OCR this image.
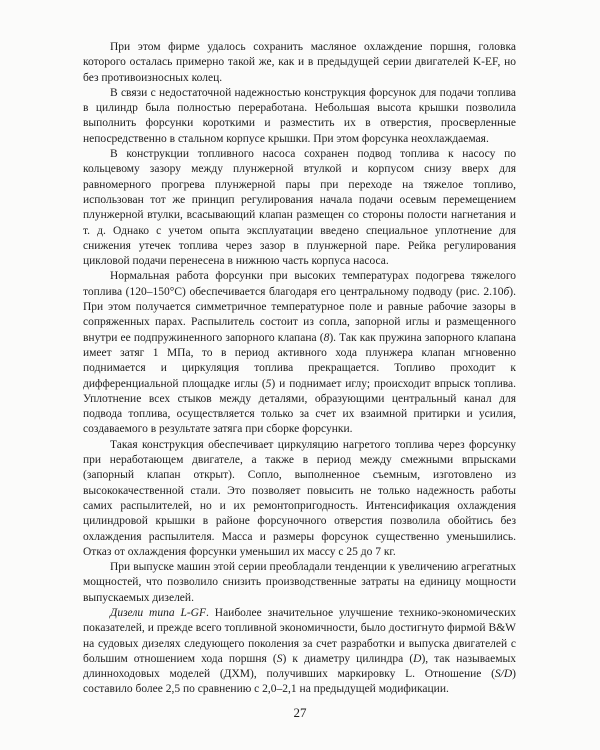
При этом фирме удалось сохранить масляное охлаждение поршня, головка которого осталась примерно такой же, как и в предыдущей серии двигателей K-EF, но без противоизносных колец.

В связи с недостаточной надежностью конструкция форсунок для подачи топлива в цилиндр была полностью переработана. Небольшая высота крышки позволила выполнить форсунки короткими и разместить их в отверстия, просверленные непосредственно в стальном корпусе крышки. При этом форсунка неохлаждаемая.

В конструкции топливного насоса сохранен подвод топлива к насосу по кольцевому зазору между плунжерной втулкой и корпусом снизу вверх для равномерного прогрева плунжерной пары при переходе на тяжелое топливо, использован тот же принцип регулирования начала подачи осевым перемещением плунжерной втулки, всасывающий клапан размещен со стороны полости нагнетания и т. д. Однако с учетом опыта эксплуатации введено специальное уплотнение для снижения утечек топлива через зазор в плунжерной паре. Рейка регулирования цикловой подачи перенесена в нижнюю часть корпуса насоса.

Нормальная работа форсунки при высоких температурах подогрева тяжелого топлива (120–150°С) обеспечивается благодаря его центральному подводу (рис. 2.10б). При этом получается симметричное температурное поле и равные рабочие зазоры в сопряженных парах. Распылитель состоит из сопла, запорной иглы и размещенного внутри ее подпружиненного запорного клапана (8). Так как пружина запорного клапана имеет затяг 1 МПа, то в период активного хода плунжера клапан мгновенно поднимается и циркуляция топлива прекращается. Топливо проходит к дифференциальной площадке иглы (5) и поднимает иглу; происходит впрыск топлива. Уплотнение всех стыков между деталями, образующими центральный канал для подвода топлива, осуществляется только за счет их взаимной притирки и усилия, создаваемого в результате затяга при сборке форсунки.

Такая конструкция обеспечивает циркуляцию нагретого топлива через форсунку при неработающем двигателе, а также в период между смежными впрысками (запорный клапан открыт). Сопло, выполненное съемным, изготовлено из высококачественной стали. Это позволяет повысить не только надежность работы самих распылителей, но и их ремонтопригодность. Интенсификация охлаждения цилиндровой крышки в районе форсуночного отверстия позволила обойтись без охлаждения распылителя. Масса и размеры форсунок существенно уменьшились. Отказ от охлаждения форсунки уменьшил их массу с 25 до 7 кг.

При выпуске машин этой серии преобладали тенденции к увеличению агрегатных мощностей, что позволило снизить производственные затраты на единицу мощности выпускаемых дизелей.

Дизели типа L-GF. Наиболее значительное улучшение технико-экономических показателей, и прежде всего топливной экономичности, было достигнуто фирмой B&W на судовых дизелях следующего поколения за счет разработки и выпуска двигателей с большим отношением хода поршня (S) к диаметру цилиндра (D), так называемых длинноходовых моделей (ДХМ), получивших маркировку L. Отношение (S/D) составило более 2,5 по сравнению с 2,0–2,1 на предыдущей модификации.

27
